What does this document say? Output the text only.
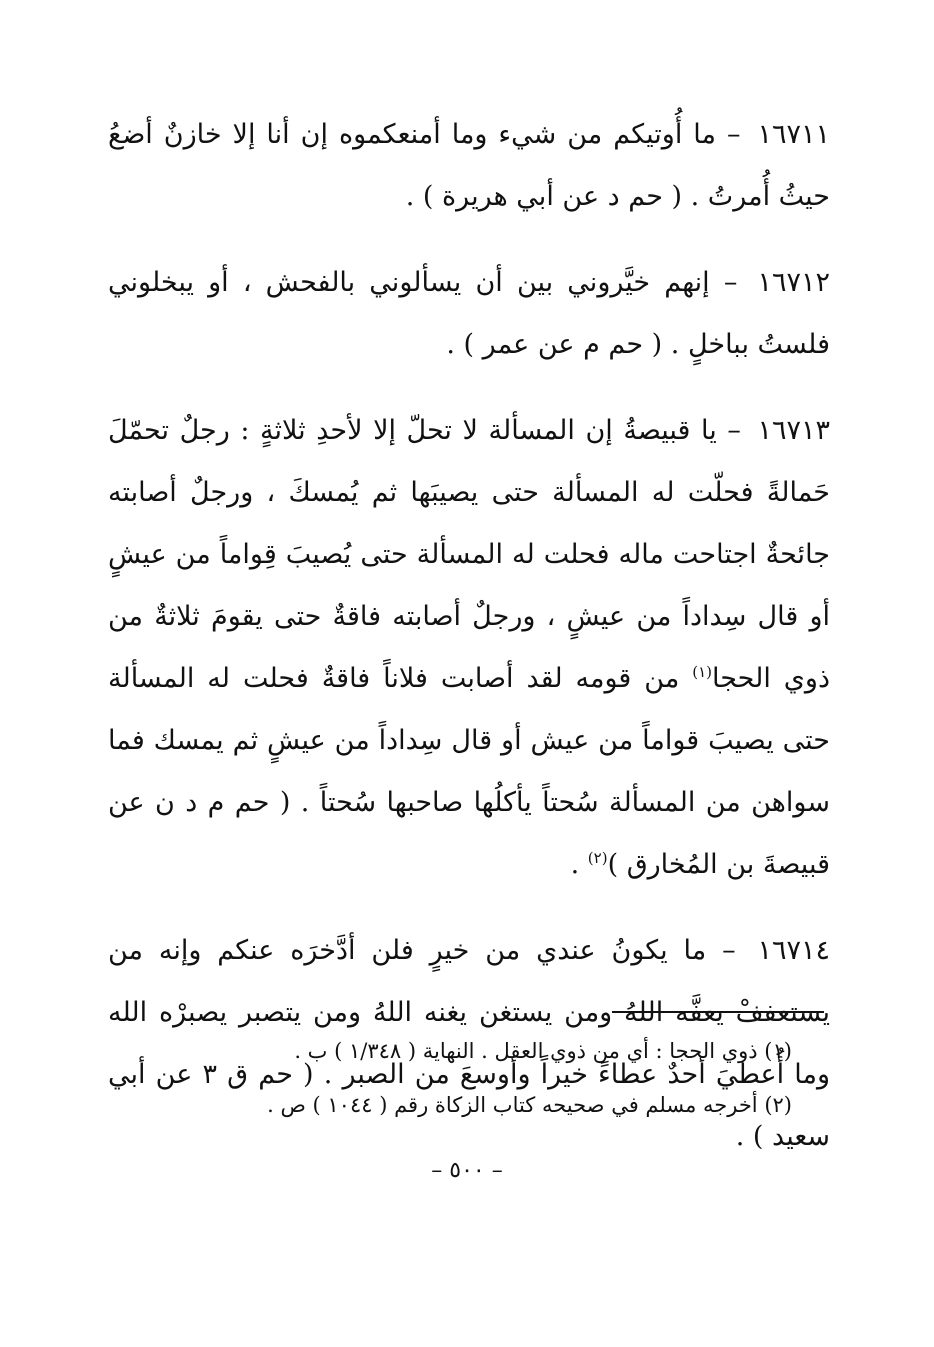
١٦٧١١ – ما أُوتيكم من شيء وما أمنعكموه إن أنا إلا خازنٌ أضعُ حيثُ أُمرتُ . ( حم د عن أبي هريرة ) .

١٦٧١٢ – إنهم خيَّروني بين أن يسألوني بالفحش ، أو يبخلوني فلستُ بباخلٍ . ( حم م عن عمر ) .

١٦٧١٣ – يا قبيصةُ إن المسألة لا تحلّ إلا لأحدِ ثلاثةٍ : رجلٌ تحمّلَ حَمالةً فحلّت له المسألة حتى يصيبَها ثم يُمسكَ ، ورجلٌ أصابته جائحةٌ اجتاحت ماله فحلت له المسألة حتى يُصيبَ قِواماً من عيشٍ أو قال سِداداً من عيشٍ ، ورجلٌ أصابته فاقةٌ حتى يقومَ ثلاثةٌ من ذوي الحجا$^{(١)}$ من قومه لقد أصابت فلاناً فاقةٌ فحلت له المسألة حتى يصيبَ قواماً من عيش أو قال سِداداً من عيشٍ ثم يمسك فما سواهن من المسألة سُحتاً يأكلُها صاحبها سُحتاً . ( حم م د ن عن قبيصةَ بن المُخارق )$^{(٢)}$ .

١٦٧١٤ – ما يكونُ عندي من خيرٍ فلن أدَّخرَه عنكم وإنه من يستعففْ يعفَّه اللهُ ومن يستغن يغنه اللهُ ومن يتصبر يصبرْه الله وما أُعطيَ أحدٌ عطاءً خيراً وأوسعَ من الصبر . ( حم ق ٣ عن أبي سعيد ) .

(١) ذوي الحجا : أي من ذوي العقل . النهاية ( ١/٣٤٨ ) ب .

(٢) أخرجه مسلم في صحيحه كتاب الزكاة رقم ( ١٠٤٤ ) ص .

– ٥٠٠ –
